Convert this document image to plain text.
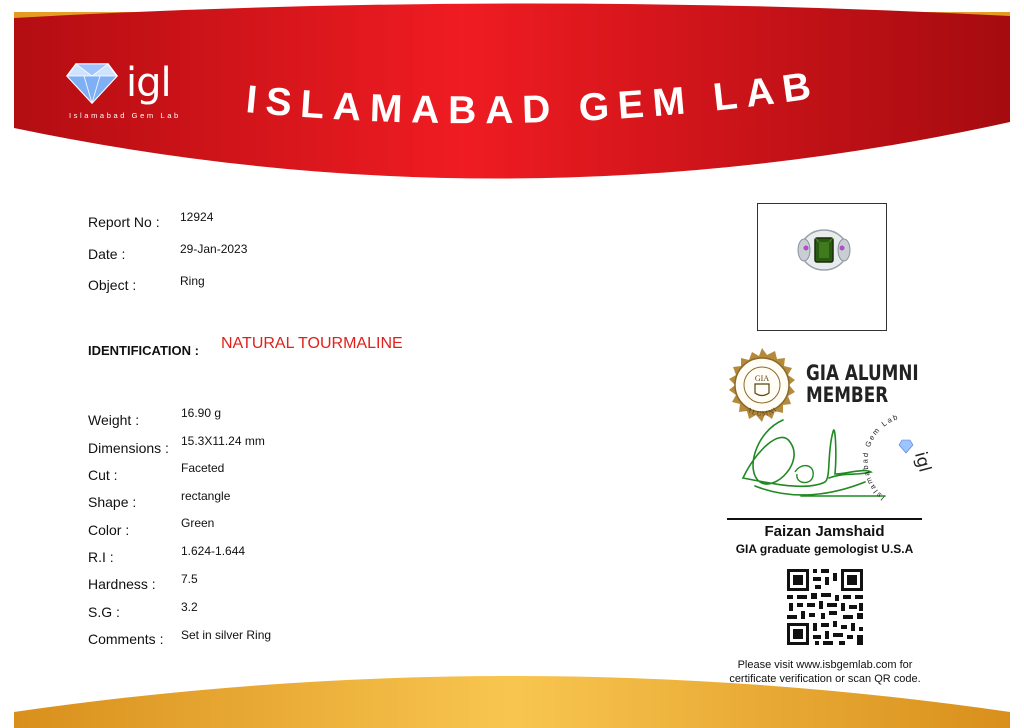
ISLAMABAD GEM LAB
igl
Islamabad Gem Lab
Report No : 12924
Date :	29-Jan-2023
Object :	Ring
IDENTIFICATION : NATURAL TOURMALINE
Weight :	16.90 g
Dimensions : 15.3X11.24 mm
Cut :	Faceted
Shape :	rectangle
Color :	Green
R.I :	1.624-1.644
Hardness : 7.5
S.G :	3.2
Comments : Set in silver Ring
GIA
ALUMNI
GIA ALUMNI
MEMBER
Islamabad Gem Lab
igl
Faizan Jamshaid
GIA graduate gemologist U.S.A
Please visit www.isbgemlab.com for
certificate verification or scan QR code.
